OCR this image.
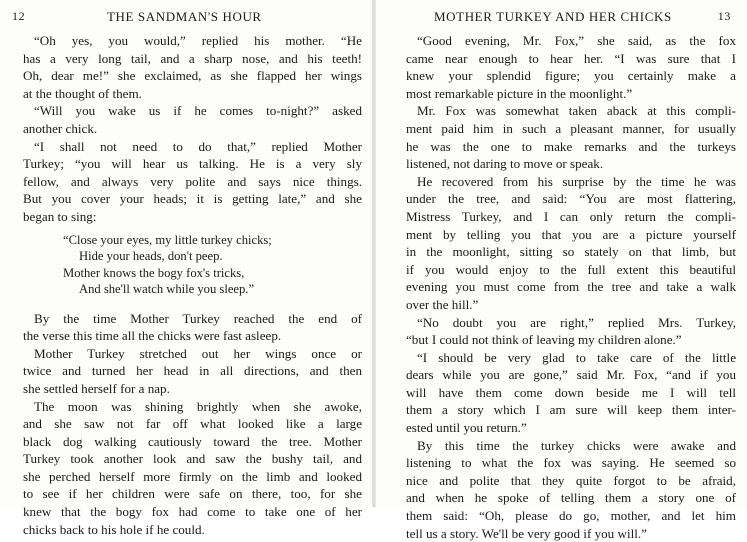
12	THE SANDMAN'S HOUR
“Oh yes, you would,” replied his mother. “He
has a very long tail, and a sharp nose, and his teeth!
Oh, dear me!” she exclaimed, as she flapped her wings
at the thought of them.
“Will you wake us if he comes to-night?” asked
another chick.
“I shall not need to do that,” replied Mother
Turkey; “you will hear us talking. He is a very sly
fellow, and always very polite and says nice things.
But you cover your heads; it is getting late,” and she
began to sing:
“Close your eyes, my little turkey chicks;
Hide your heads, don't peep.
Mother knows the bogy fox's tricks,
And she'll watch while you sleep.”
By the time Mother Turkey reached the end of
the verse this time all the chicks were fast asleep.
Mother Turkey stretched out her wings once or
twice and turned her head in all directions, and then
she settled herself for a nap.
The moon was shining brightly when she awoke,
and she saw not far off what looked like a large
black dog walking cautiously toward the tree. Mother
Turkey took another look and saw the bushy tail, and
she perched herself more firmly on the limb and looked
to see if her children were safe on there, too, for she
knew that the bogy fox had come to take one of her
chicks back to his hole if he could.
MOTHER TURKEY AND HER CHICKS	13
“Good evening, Mr. Fox,” she said, as the fox
came near enough to hear her. “I was sure that I
knew your splendid figure; you certainly make a
most remarkable picture in the moonlight.”
Mr. Fox was somewhat taken aback at this compli-
ment paid him in such a pleasant manner, for usually
he was the one to make remarks and the turkeys
listened, not daring to move or speak.
He recovered from his surprise by the time he was
under the tree, and said: “You are most flattering,
Mistress Turkey, and I can only return the compli-
ment by telling you that you are a picture yourself
in the moonlight, sitting so stately on that limb, but
if you would enjoy to the full extent this beautiful
evening you must come from the tree and take a walk
over the hill.”
“No doubt you are right,” replied Mrs. Turkey,
“but I could not think of leaving my children alone.”
“I should be very glad to take care of the little
dears while you are gone,” said Mr. Fox, “and if you
will have them come down beside me I will tell
them a story which I am sure will keep them inter-
ested until you return.”
By this time the turkey chicks were awake and
listening to what the fox was saying. He seemed so
nice and polite that they quite forgot to be afraid,
and when he spoke of telling them a story one of
them said: “Oh, please do go, mother, and let him
tell us a story. We'll be very good if you will.”
